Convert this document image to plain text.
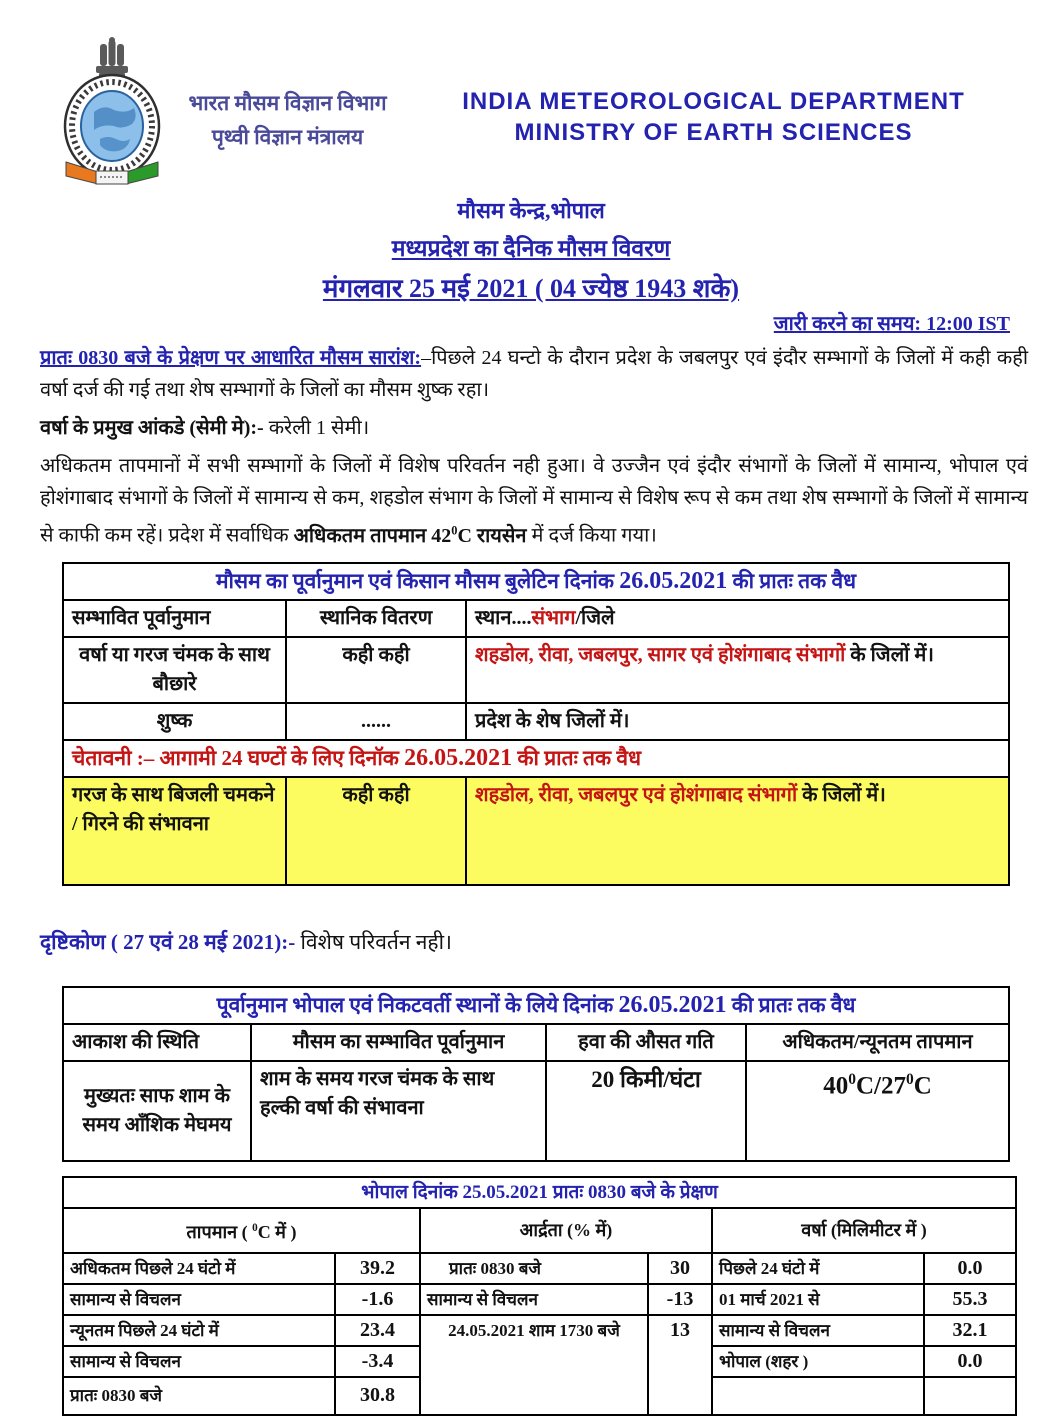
भारत मौसम विज्ञान विभाग
पृथ्वी विज्ञान मंत्रालय
INDIA METEOROLOGICAL DEPARTMENT
MINISTRY OF EARTH SCIENCES
मौसम केन्द्र,भोपाल
मध्यप्रदेश का दैनिक मौसम विवरण
मंगलवार 25 मई 2021 ( 04 ज्येष्ठ 1943 शके)
जारी करने का समय: 12:00 IST
प्रातः 0830 बजे के प्रेक्षण पर आधारित मौसम सारांश:–पिछले 24 घन्टो के दौरान प्रदेश के जबलपुर एवं इंदौर सम्भागों के जिलों में कही कही वर्षा दर्ज की गई तथा शेष सम्भागों के जिलों का मौसम शुष्क रहा।
वर्षा के प्रमुख आंकडे (सेमी मे):- करेली 1 सेमी।
अधिकतम तापमानों में सभी सम्भागों के जिलों में विशेष परिवर्तन नही हुआ। वे उज्जैन एवं इंदौर संभागों के जिलों में सामान्य, भोपाल एवं होशंगाबाद संभागों के जिलों में सामान्य से कम, शहडोल संभाग के जिलों में सामान्य से विशेष रूप से कम तथा शेष सम्भागों के जिलों में सामान्य से काफी कम रहें। प्रदेश में सर्वाधिक अधिकतम तापमान $42^0C$ रायसेन में दर्ज किया गया।
मौसम का पूर्वानुमान एवं किसान मौसम बुलेटिन दिनांक 26.05.2021 की प्रातः तक वैध		
सम्भावित पूर्वानुमान	स्थानिक वितरण	स्थान....संभाग/जिले
वर्षा या गरज चंमक के साथ बौछारे	कही कही	शहडोल, रीवा, जबलपुर, सागर एवं होशंगाबाद संभागों के जिलों में।
शुष्क	......	प्रदेश के शेष जिलों में।
चेतावनी :– आगामी 24 घण्टों के लिए दिनॉक 26.05.2021 की प्रातः तक वैध		
गरज के साथ बिजली चमकने / गिरने की संभावना	कही कही	शहडोल, रीवा, जबलपुर एवं होशंगाबाद संभागों के जिलों में।
दृष्टिकोण ( 27 एवं 28 मई 2021):- विशेष परिवर्तन नही।
पूर्वानुमान भोपाल एवं निकटवर्ती स्थानों के लिये दिनांक 26.05.2021 की प्रातः तक वैध			
आकाश की स्थिति	मौसम का सम्भावित पूर्वानुमान	हवा की औसत गति	अधिकतम/न्यूनतम तापमान
मुख्यतः साफ शाम के समय ऑंशिक मेघमय	शाम के समय गरज चंमक के साथ हल्की वर्षा की संभावना	20 किमी/घंटा	$40^0C/27^0C$
भोपाल दिनांक 25.05.2021 प्रातः 0830 बजे के प्रेक्षण					
तापमान ( $^0$C में )		आर्द्रता (% में)		वर्षा (मिलिमीटर में )	
अधिकतम पिछले 24 घंटो में	39.2	प्रातः 0830 बजे	30	पिछले 24 घंटो में	0.0
सामान्य से विचलन	-1.6	सामान्य से विचलन	-13	01 मार्च 2021 से	55.3
न्यूनतम पिछले 24 घंटो में	23.4	24.05.2021 शाम 1730 बजे	13	सामान्य से विचलन	32.1
सामान्य से विचलन	-3.4			भोपाल (शहर )	0.0
प्रातः 0830 बजे	30.8				
